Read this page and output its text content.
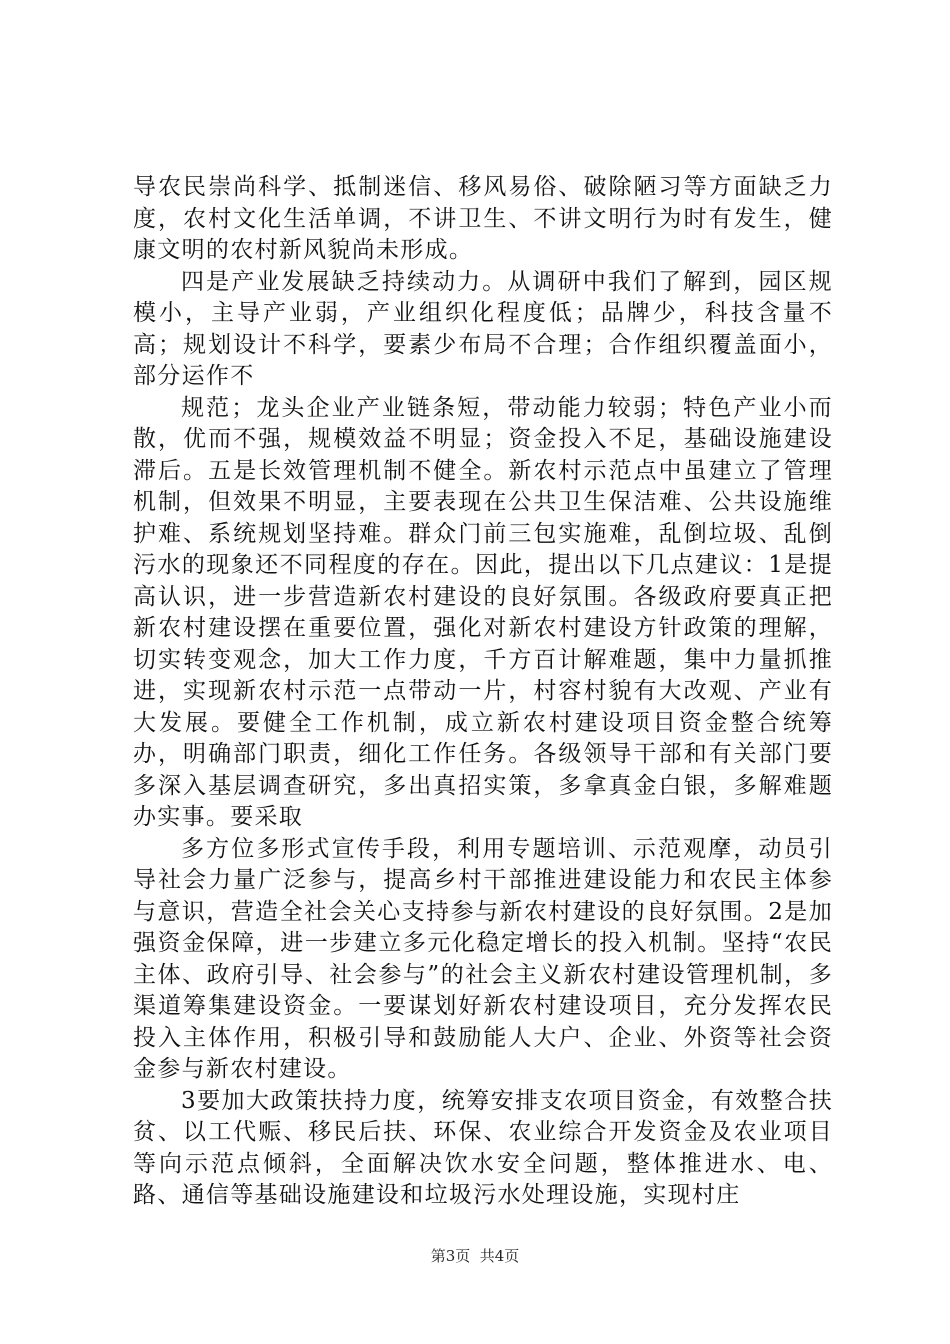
导农民崇尚科学、抵制迷信、移风易俗、破除陋习等方面缺乏力度，农村文化生活单调，不讲卫生、不讲文明行为时有发生，健康文明的农村新风貌尚未形成。

四是产业发展缺乏持续动力。从调研中我们了解到，园区规模小，主导产业弱，产业组织化程度低；品牌少，科技含量不高；规划设计不科学，要素少布局不合理；合作组织覆盖面小，部分运作不

规范；龙头企业产业链条短，带动能力较弱；特色产业小而散，优而不强，规模效益不明显；资金投入不足，基础设施建设滞后。五是长效管理机制不健全。新农村示范点中虽建立了管理机制，但效果不明显，主要表现在公共卫生保洁难、公共设施维护难、系统规划坚持难。群众门前三包实施难，乱倒垃圾、乱倒污水的现象还不同程度的存在。因此，提出以下几点建议：1是提高认识，进一步营造新农村建设的良好氛围。各级政府要真正把新农村建设摆在重要位置，强化对新农村建设方针政策的理解，切实转变观念，加大工作力度，千方百计解难题，集中力量抓推进，实现新农村示范一点带动一片，村容村貌有大改观、产业有大发展。要健全工作机制，成立新农村建设项目资金整合统筹办，明确部门职责，细化工作任务。各级领导干部和有关部门要多深入基层调查研究，多出真招实策，多拿真金白银，多解难题办实事。要采取

多方位多形式宣传手段，利用专题培训、示范观摩，动员引导社会力量广泛参与，提高乡村干部推进建设能力和农民主体参与意识，营造全社会关心支持参与新农村建设的良好氛围。2是加强资金保障，进一步建立多元化稳定增长的投入机制。坚持“农民主体、政府引导、社会参与”的社会主义新农村建设管理机制，多渠道筹集建设资金。一要谋划好新农村建设项目，充分发挥农民投入主体作用，积极引导和鼓励能人大户、企业、外资等社会资金参与新农村建设。

3要加大政策扶持力度，统筹安排支农项目资金，有效整合扶贫、以工代赈、移民后扶、环保、农业综合开发资金及农业项目等向示范点倾斜，全面解决饮水安全问题，整体推进水、电、路、通信等基础设施建设和垃圾污水处理设施，实现村庄

第3页  共4页
